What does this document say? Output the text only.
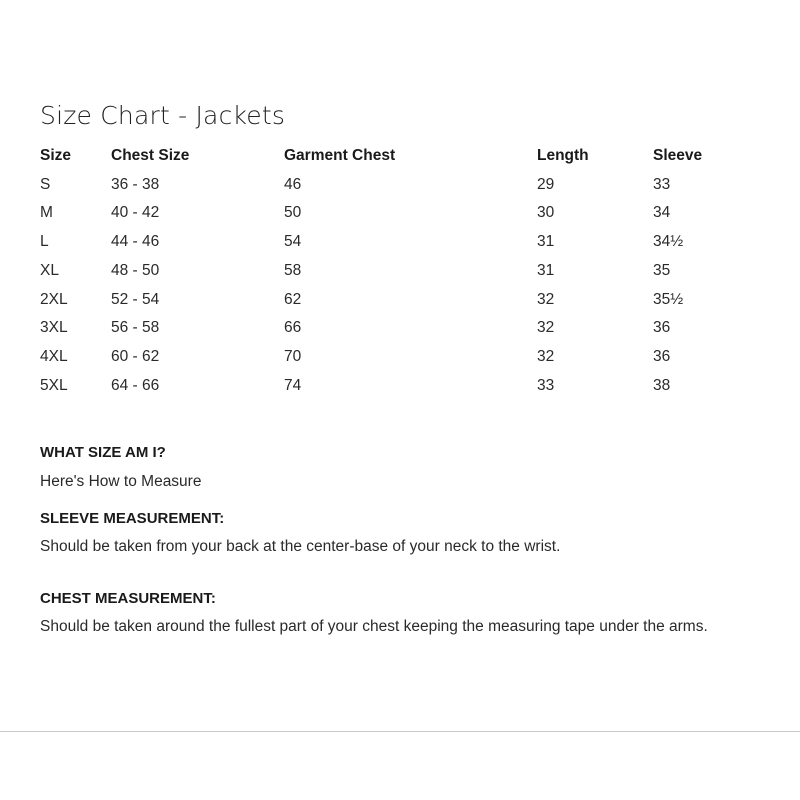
Size Chart - Jackets
Size	Chest Size	Garment Chest	Length	Sleeve
S	36 - 38	46	29	33
M	40 - 42	50	30	34
L	44 - 46	54	31	34½
XL	48 - 50	58	31	35
2XL	52 - 54	62	32	35½
3XL	56 - 58	66	32	36
4XL	60 - 62	70	32	36
5XL	64 - 66	74	33	38
WHAT SIZE AM I?
Here's How to Measure
SLEEVE MEASUREMENT:
Should be taken from your back at the center-base of your neck to the wrist.
CHEST MEASUREMENT:
Should be taken around the fullest part of your chest keeping the measuring tape under the arms.
